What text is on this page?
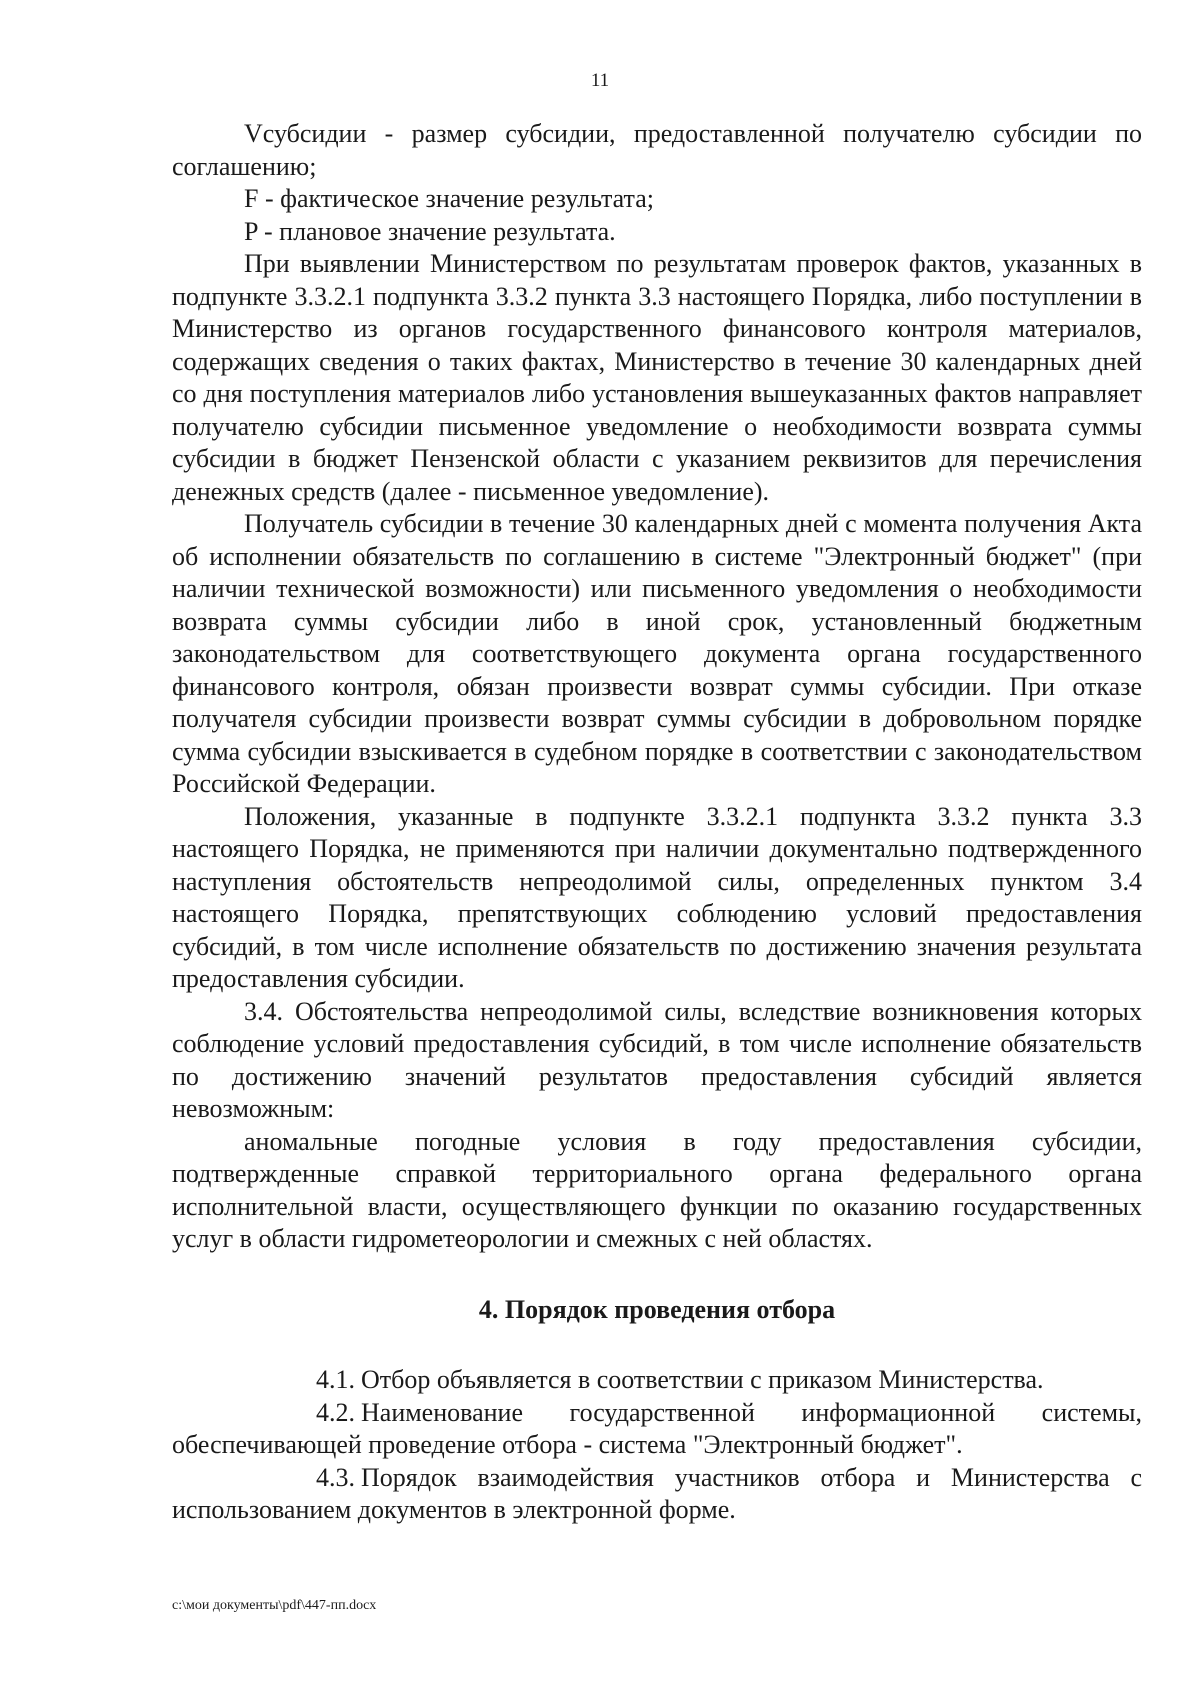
11

Vсубсидии - размер субсидии, предоставленной получателю субсидии по соглашению;

F - фактическое значение результата;

P - плановое значение результата.

При выявлении Министерством по результатам проверок фактов, указанных в подпункте 3.3.2.1 подпункта 3.3.2 пункта 3.3 настоящего Порядка, либо поступлении в Министерство из органов государственного финансового контроля материалов, содержащих сведения о таких фактах, Министерство в течение 30 календарных дней со дня поступления материалов либо установления вышеуказанных фактов направляет получателю субсидии письменное уведомление о необходимости возврата суммы субсидии в бюджет Пензенской области с указанием реквизитов для перечисления денежных средств (далее - письменное уведомление).

Получатель субсидии в течение 30 календарных дней с момента получения Акта об исполнении обязательств по соглашению в системе "Электронный бюджет" (при наличии технической возможности) или письменного уведомления о необходимости возврата суммы субсидии либо в иной срок, установленный бюджетным законодательством для соответствующего документа органа государственного финансового контроля, обязан произвести возврат суммы субсидии. При отказе получателя субсидии произвести возврат суммы субсидии в добровольном порядке сумма субсидии взыскивается в судебном порядке в соответствии с законодательством Российской Федерации.

Положения, указанные в подпункте 3.3.2.1 подпункта 3.3.2 пункта 3.3 настоящего Порядка, не применяются при наличии документально подтвержденного наступления обстоятельств непреодолимой силы, определенных пунктом 3.4 настоящего Порядка, препятствующих соблюдению условий предоставления субсидий, в том числе исполнение обязательств по достижению значения результата предоставления субсидии.

3.4. Обстоятельства непреодолимой силы, вследствие возникновения которых соблюдение условий предоставления субсидий, в том числе исполнение обязательств по достижению значений результатов предоставления субсидий является невозможным:

аномальные погодные условия в году предоставления субсидии, подтвержденные справкой территориального органа федерального органа исполнительной власти, осуществляющего функции по оказанию государственных услуг в области гидрометеорологии и смежных с ней областях.

4. Порядок проведения отбора

4.1. Отбор объявляется в соответствии с приказом Министерства.

4.2. Наименование государственной информационной системы, обеспечивающей проведение отбора - система "Электронный бюджет".

4.3. Порядок взаимодействия участников отбора и Министерства с использованием документов в электронной форме.

c:\мои документы\pdf\447-пп.docx
